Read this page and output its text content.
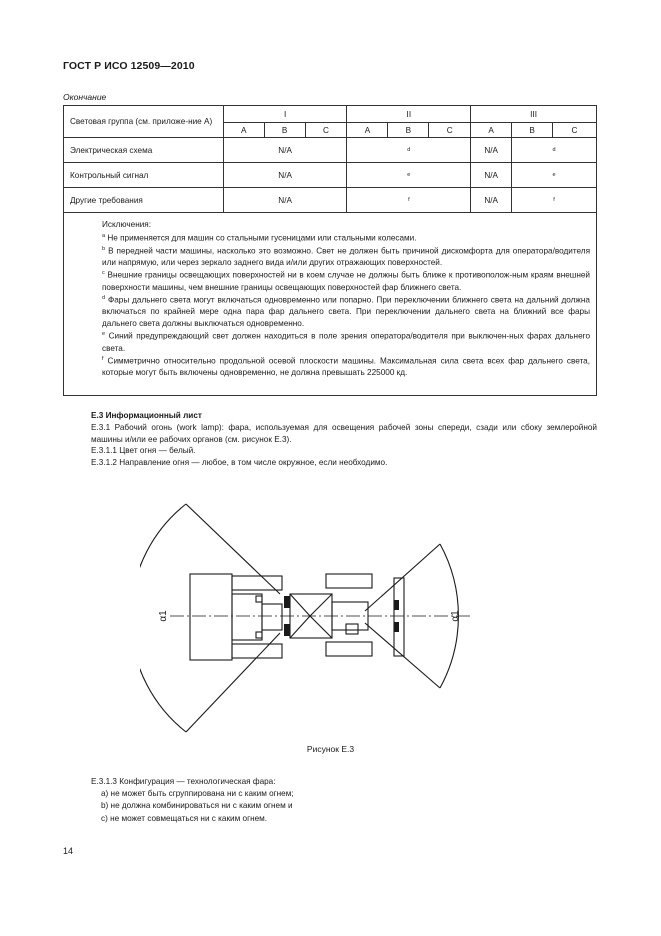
ГОСТ Р ИСО 12509—2010
Окончание
Световая группа (см. приложе-ние А)	I			II			III		
	A	B	C	A	B	C	A	B	C
Электрическая схема	N/A			d			N/A	d	
Контрольный сигнал	N/A			e			N/A	e	
Другие требования	N/A			f			N/A	f	

Исключения:

$^a$ Не применяется для машин со стальными гусеницами или стальными колесами.

$^b$ В передней части машины, насколько это возможно. Свет не должен быть причиной дискомфорта для оператора/водителя или напрямую, или через зеркало заднего вида и/или других отражающих поверхностей.

$^c$ Внешние границы освещающих поверхностей ни в коем случае не должны быть ближе к противополож-ным краям внешней поверхности машины, чем внешние границы освещающих поверхностей фар ближнего света.

$^d$ Фары дальнего света могут включаться одновременно или попарно. При переключении ближнего света на дальний должна включаться по крайней мере одна пара фар дальнего света. При переключении дальнего света на ближний все фары дальнего света должны выключаться одновременно.

$^e$ Синий предупреждающий свет должен находиться в поле зрения оператора/водителя при выключен-ных фарах дальнего света.

$^f$ Симметрично относительно продольной осевой плоскости машины. Максимальная сила света всех фар дальнего света, которые могут быть включены одновременно, не должна превышать 225000 кд.

Е.3 Информационный лист

Е.3.1 Рабочий огонь (work lamp): фара, используемая для освещения рабочей зоны спереди, сзади или сбоку землеройной машины и/или ее рабочих органов (см. рисунок Е.3).

Е.3.1.1 Цвет огня — белый.

Е.3.1.2 Направление огня — любое, в том числе окружное, если необходимо.

α1	α1
Рисунок Е.3

Е.3.1.3 Конфигурация — технологическая фара:

a) не может быть сгруппирована ни с каким огнем;

b) не должна комбинироваться ни с каким огнем и

c) не может совмещаться ни с каким огнем.

14
